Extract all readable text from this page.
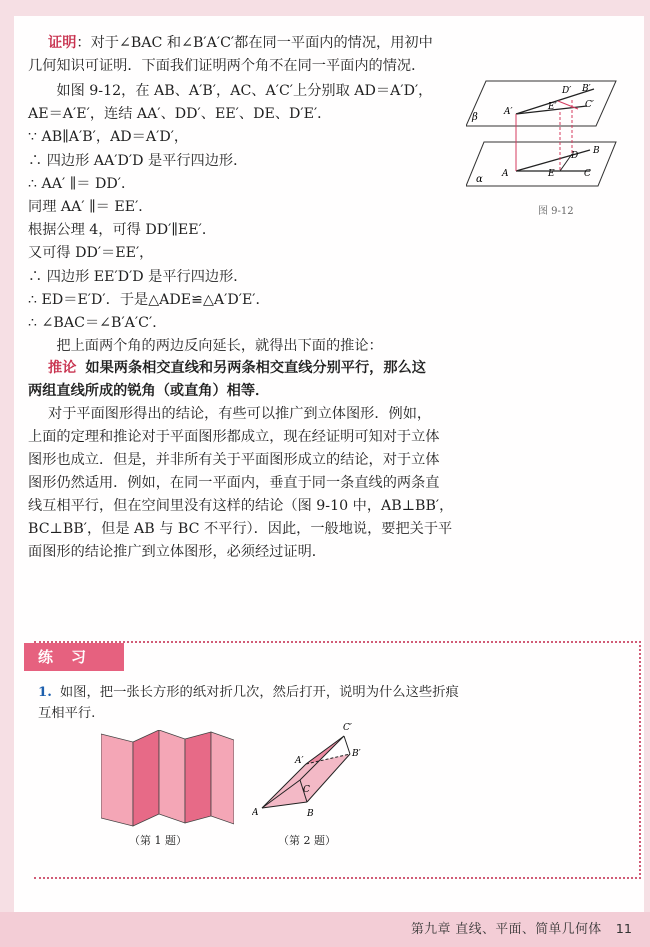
证明：对于∠BAC 和∠B′A′C′都在同一平面内的情况，用初中
几何知识可证明．下面我们证明两个角不在同一平面内的情况．
如图 9-12，在 AB、A′B′，AC、A′C′上分别取 AD＝A′D′，
AE＝A′E′，连结 AA′、DD′、EE′、DE、D′E′．
∵ AB∥A′B′，AD＝A′D′，
∴ 四边形 AA′D′D 是平行四边形．
∴ AA′ ∥＝ DD′．
同理 AA′ ∥＝ EE′．
根据公理 4，可得 DD′∥EE′．
又可得 DD′＝EE′，
∴ 四边形 EE′D′D 是平行四边形．
∴ ED＝E′D′．于是△ADE≌△A′D′E′．
∴ ∠BAC＝∠B′A′C′．
把上面两个角的两边反向延长，就得出下面的推论：
β
α
A′
D′ B′
E′	C′
A
D B
E	C
图 9-12
推论 如果两条相交直线和另两条相交直线分别平行，那么这
两组直线所成的锐角（或直角）相等．
对于平面图形得出的结论，有些可以推广到立体图形．例如，
上面的定理和推论对于平面图形都成立，现在经证明可知对于立体
图形也成立．但是，并非所有关于平面图形成立的结论，对于立体
图形仍然适用．例如，在同一平面内，垂直于同一条直线的两条直
线互相平行，但在空间里没有这样的结论（图 9-10 中，AB⊥BB′，
BC⊥BB′，但是 AB 与 BC 不平行）．因此，一般地说，要把关于平
面图形的结论推广到立体图形，必须经过证明．
练习
1. 如图，把一张长方形的纸对折几次，然后打开，说明为什么这些折痕
互相平行.
C′
A′
B′
C
A	B
（第 1 题）	（第 2 题）
第九章 直线、平面、简单几何体 11
